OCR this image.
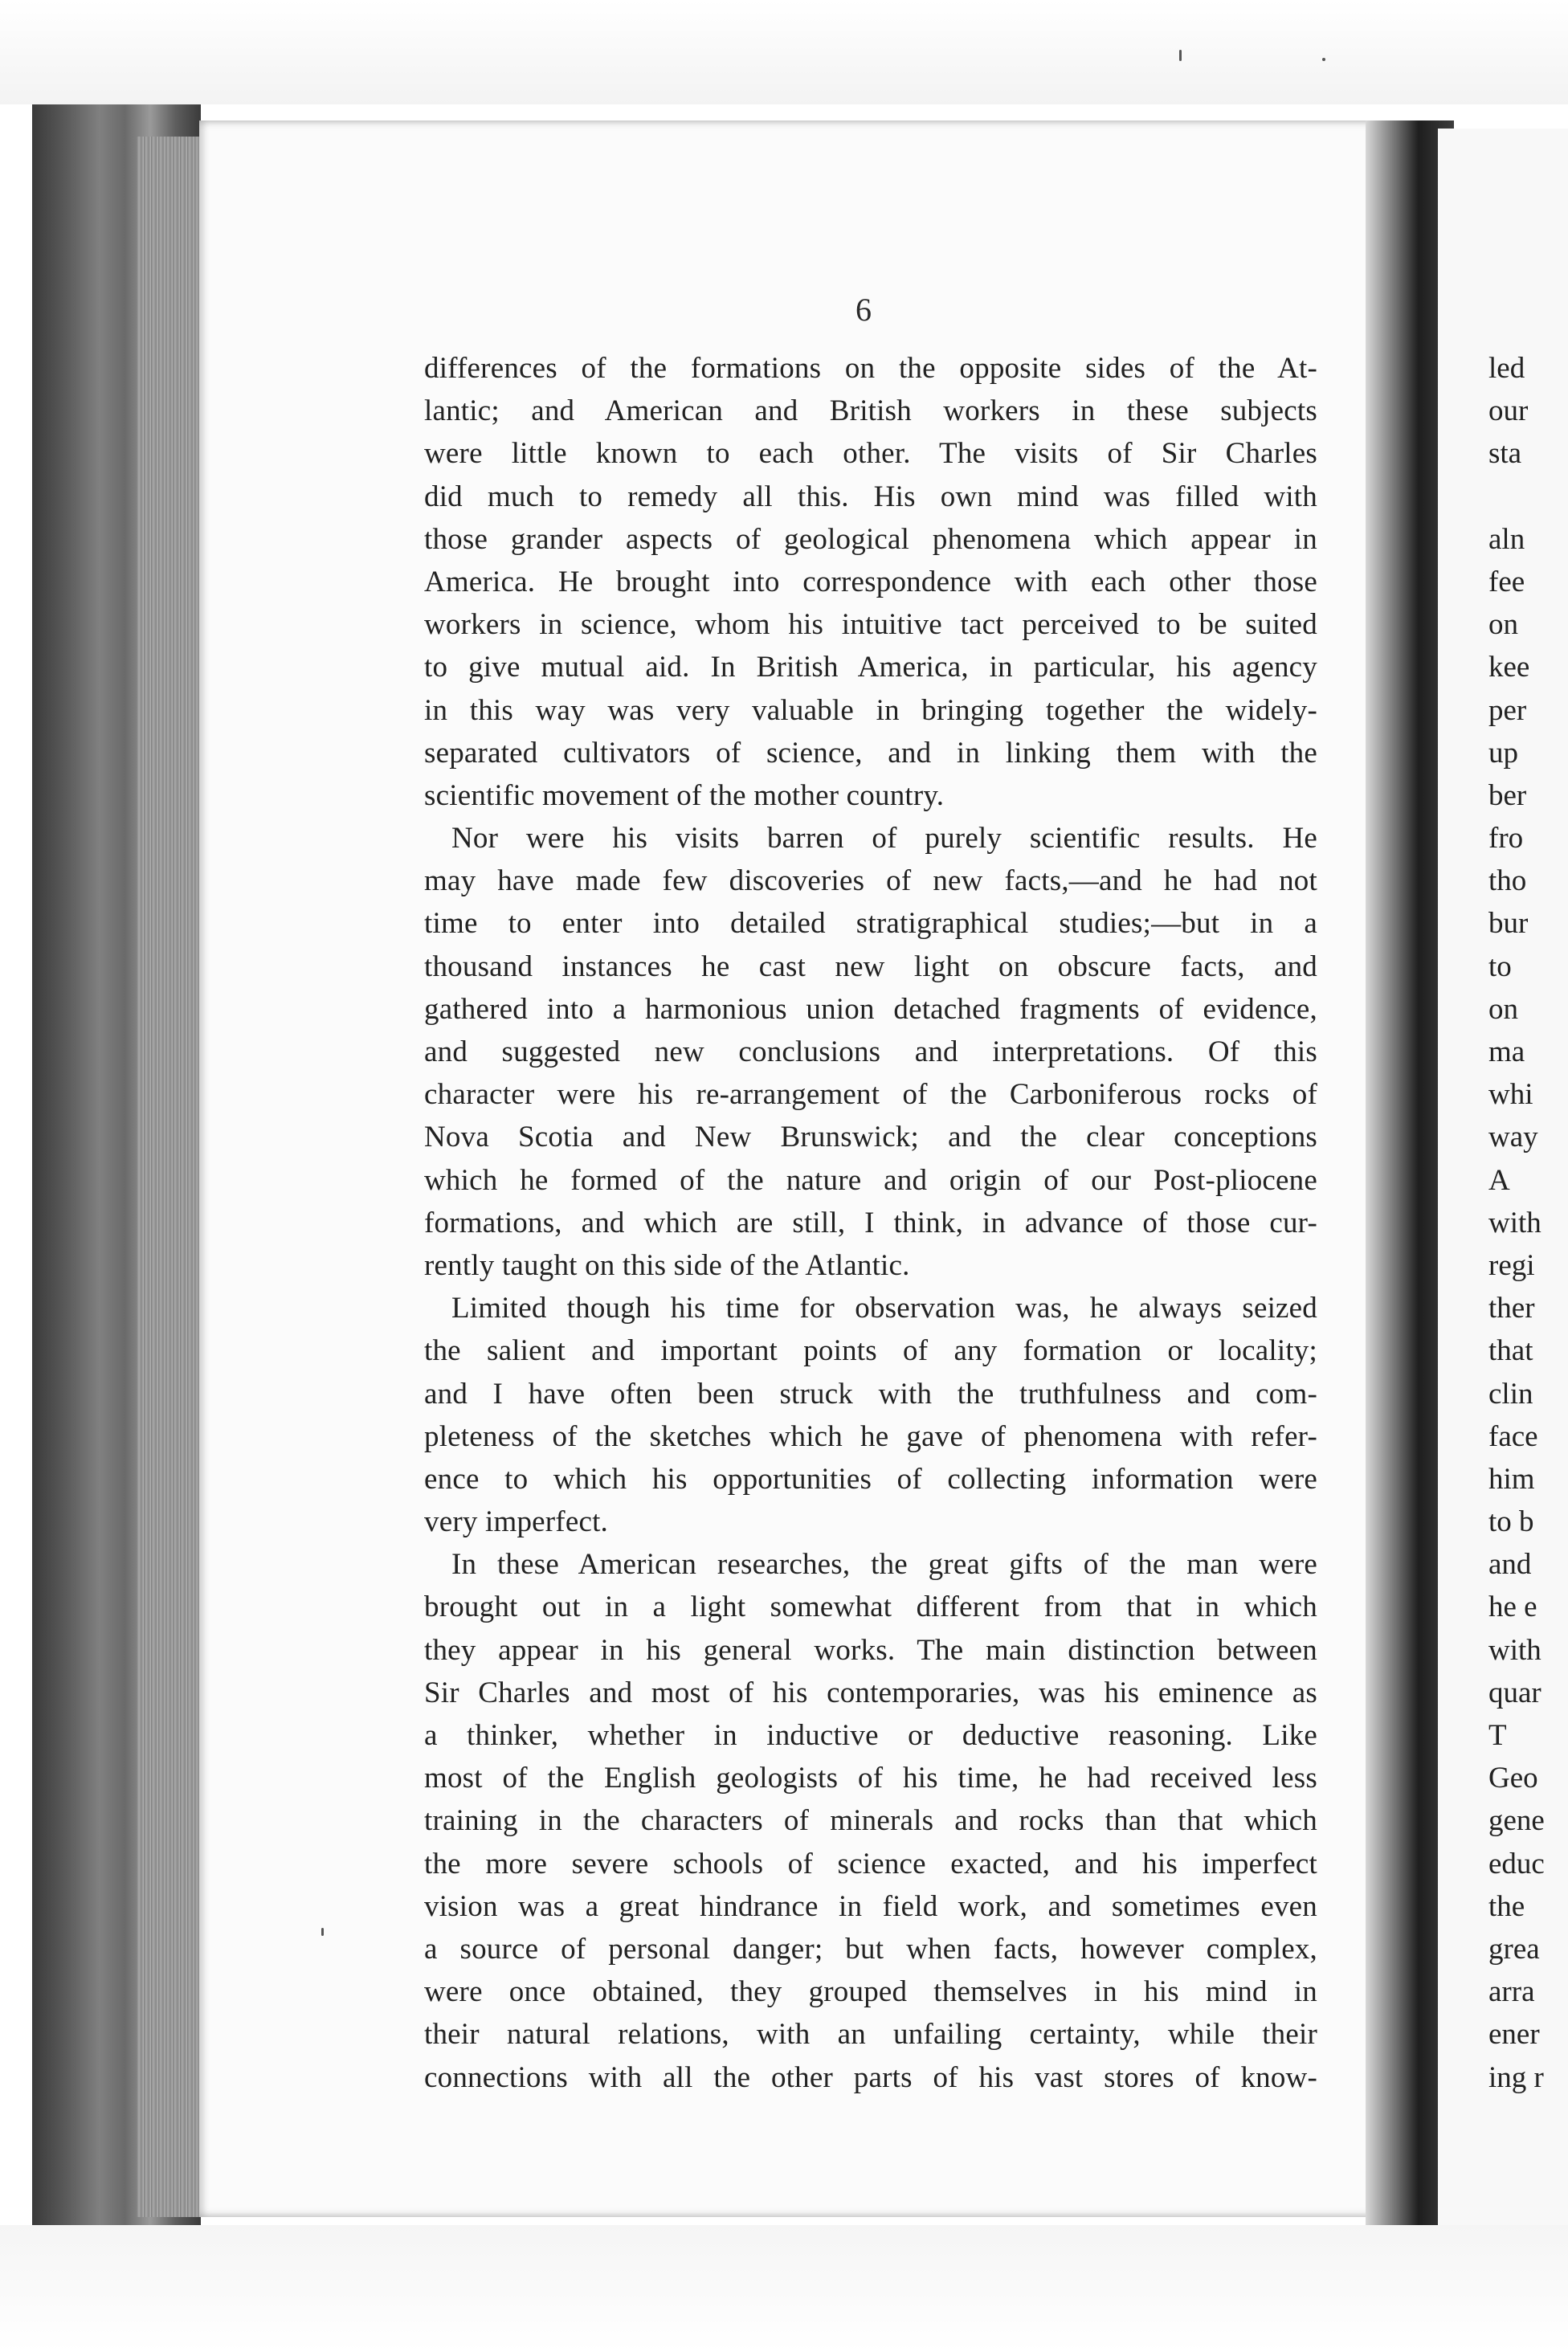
6
differences of the formations on the opposite sides of the At-
lantic; and American and British workers in these subjects
were little known to each other. The visits of Sir Charles
did much to remedy all this. His own mind was filled with
those grander aspects of geological phenomena which appear in
America. He brought into correspondence with each other those
workers in science, whom his intuitive tact perceived to be suited
to give mutual aid. In British America, in particular, his agency
in this way was very valuable in bringing together the widely-
separated cultivators of science, and in linking them with the
scientific movement of the mother country.
Nor were his visits barren of purely scientific results. He
may have made few discoveries of new facts,—and he had not
time to enter into detailed stratigraphical studies;—but in a
thousand instances he cast new light on obscure facts, and
gathered into a harmonious union detached fragments of evidence,
and suggested new conclusions and interpretations. Of this
character were his re-arrangement of the Carboniferous rocks of
Nova Scotia and New Brunswick; and the clear conceptions
which he formed of the nature and origin of our Post-pliocene
formations, and which are still, I think, in advance of those cur-
rently taught on this side of the Atlantic.
Limited though his time for observation was, he always seized
the salient and important points of any formation or locality;
and I have often been struck with the truthfulness and com-
pleteness of the sketches which he gave of phenomena with refer-
ence to which his opportunities of collecting information were
very imperfect.
In these American researches, the great gifts of the man were
brought out in a light somewhat different from that in which
they appear in his general works. The main distinction between
Sir Charles and most of his contemporaries, was his eminence as
a thinker, whether in inductive or deductive reasoning. Like
most of the English geologists of his time, he had received less
training in the characters of minerals and rocks than that which
the more severe schools of science exacted, and his imperfect
vision was a great hindrance in field work, and sometimes even
a source of personal danger; but when facts, however complex,
were once obtained, they grouped themselves in his mind in
their natural relations, with an unfailing certainty, while their
connections with all the other parts of his vast stores of know-
led
our
sta
aln
fee
on
kee
per
up
ber
fro
tho
bur
to
on
ma
whi
way
A
with
regi
ther
that
clin
face
him
to b
and
he e
with
quar
T
Geo
gene
educ
the
grea
arra
ener
ing r
